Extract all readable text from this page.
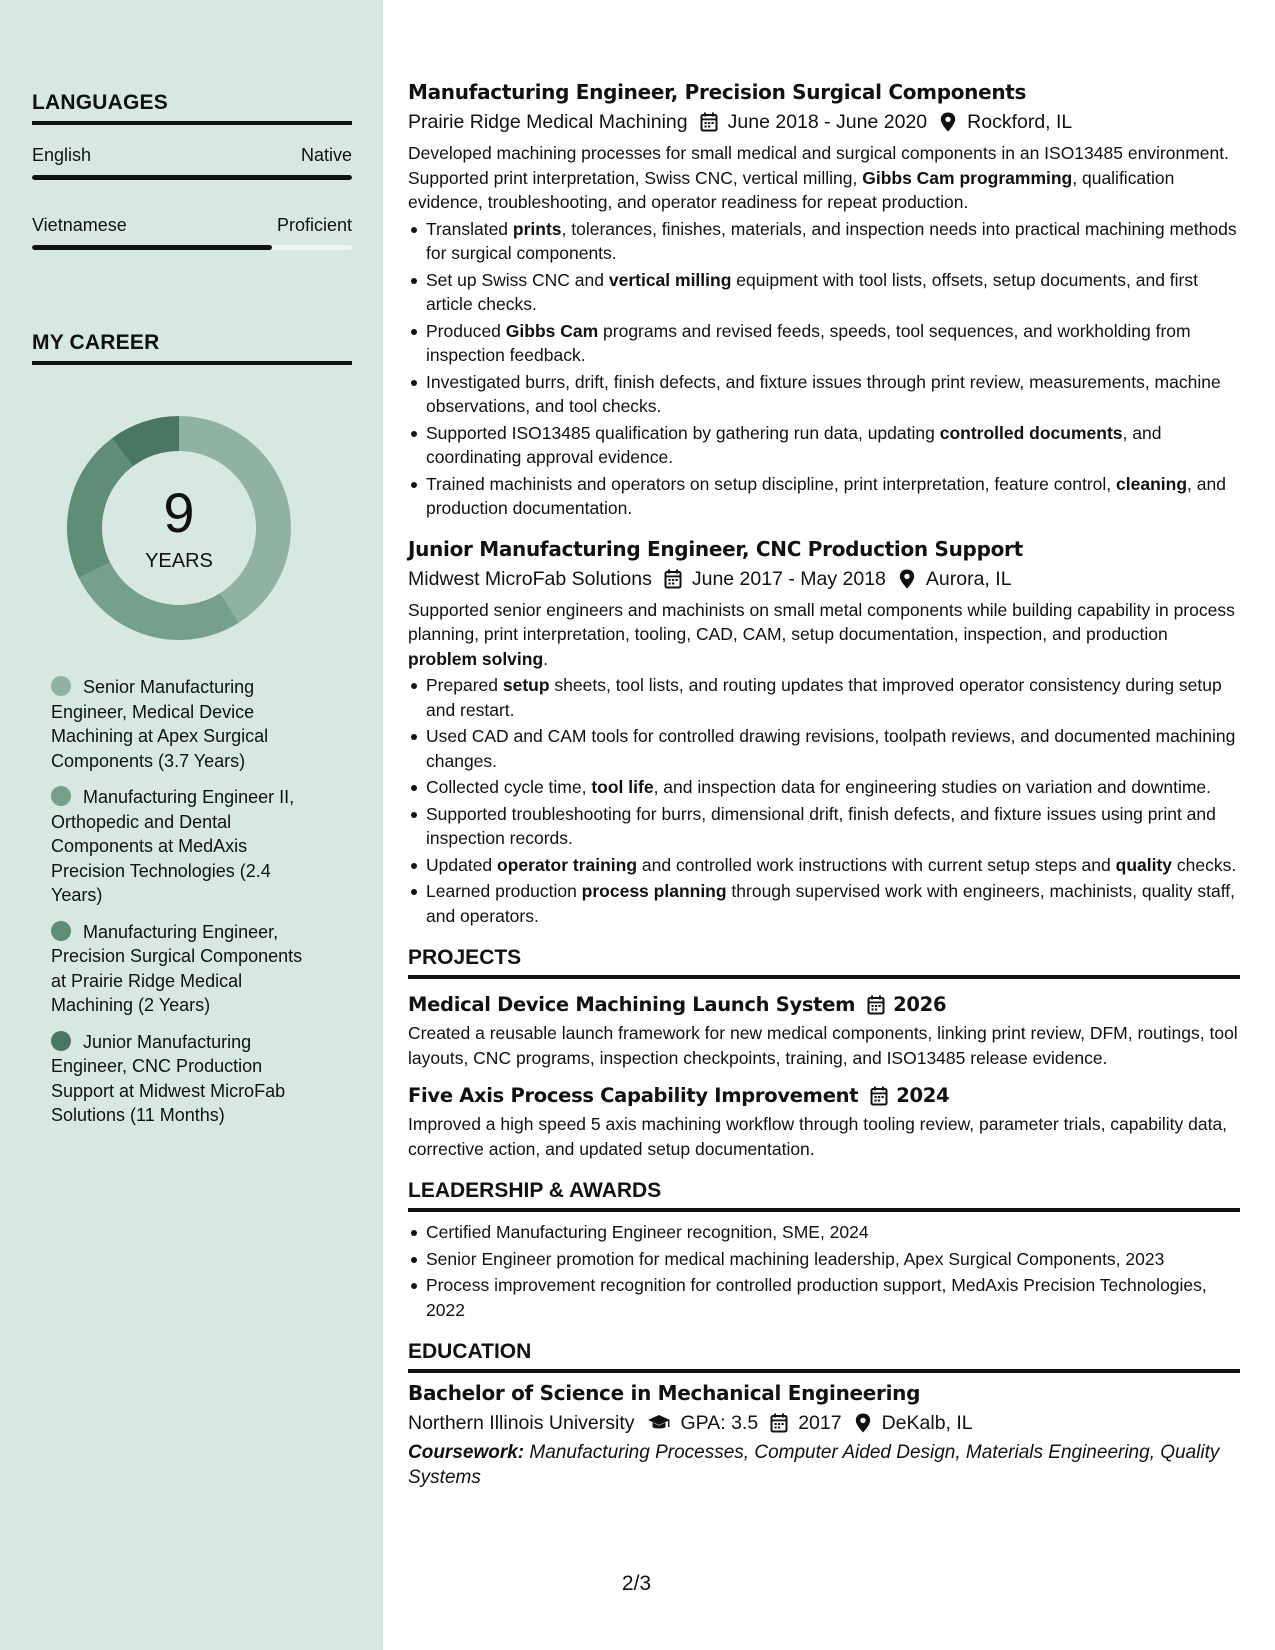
LANGUAGES
English	Native
Vietnamese	Proficient
MY CAREER
9
YEARS
Senior Manufacturing Engineer, Medical Device Machining at Apex Surgical Components (3.7 Years)
Manufacturing Engineer II, Orthopedic and Dental Components at MedAxis Precision Technologies (2.4 Years)
Manufacturing Engineer, Precision Surgical Components at Prairie Ridge Medical Machining (2 Years)
Junior Manufacturing Engineer, CNC Production Support at Midwest MicroFab Solutions (11 Months)
Manufacturing Engineer, Precision Surgical Components
Prairie Ridge Medical Machining June 2018 - June 2020 Rockford, IL

Developed machining processes for small medical and surgical components in an ISO13485 environment. Supported print interpretation, Swiss CNC, vertical milling, Gibbs Cam programming, qualification evidence, troubleshooting, and operator readiness for repeat production.

Translated prints, tolerances, finishes, materials, and inspection needs into practical machining methods for surgical components.
Set up Swiss CNC and vertical milling equipment with tool lists, offsets, setup documents, and first article checks.
Produced Gibbs Cam programs and revised feeds, speeds, tool sequences, and workholding from inspection feedback.
Investigated burrs, drift, finish defects, and fixture issues through print review, measurements, machine observations, and tool checks.
Supported ISO13485 qualification by gathering run data, updating controlled documents, and coordinating approval evidence.
Trained machinists and operators on setup discipline, print interpretation, feature control, cleaning, and production documentation.
Junior Manufacturing Engineer, CNC Production Support
Midwest MicroFab Solutions June 2017 - May 2018 Aurora, IL

Supported senior engineers and machinists on small metal components while building capability in process planning, print interpretation, tooling, CAD, CAM, setup documentation, inspection, and production problem solving.

Prepared setup sheets, tool lists, and routing updates that improved operator consistency during setup and restart.
Used CAD and CAM tools for controlled drawing revisions, toolpath reviews, and documented machining changes.
Collected cycle time, tool life, and inspection data for engineering studies on variation and downtime.
Supported troubleshooting for burrs, dimensional drift, finish defects, and fixture issues using print and inspection records.
Updated operator training and controlled work instructions with current setup steps and quality checks.
Learned production process planning through supervised work with engineers, machinists, quality staff, and operators.
PROJECTS
Medical Device Machining Launch System 2026

Created a reusable launch framework for new medical components, linking print review, DFM, routings, tool layouts, CNC programs, inspection checkpoints, training, and ISO13485 release evidence.

Five Axis Process Capability Improvement 2024

Improved a high speed 5 axis machining workflow through tooling review, parameter trials, capability data, corrective action, and updated setup documentation.

LEADERSHIP & AWARDS
Certified Manufacturing Engineer recognition, SME, 2024
Senior Engineer promotion for medical machining leadership, Apex Surgical Components, 2023
Process improvement recognition for controlled production support, MedAxis Precision Technologies, 2022
EDUCATION
Bachelor of Science in Mechanical Engineering
Northern Illinois University GPA: 3.5 2017 DeKalb, IL

Coursework: Manufacturing Processes, Computer Aided Design, Materials Engineering, Quality Systems

2/3
